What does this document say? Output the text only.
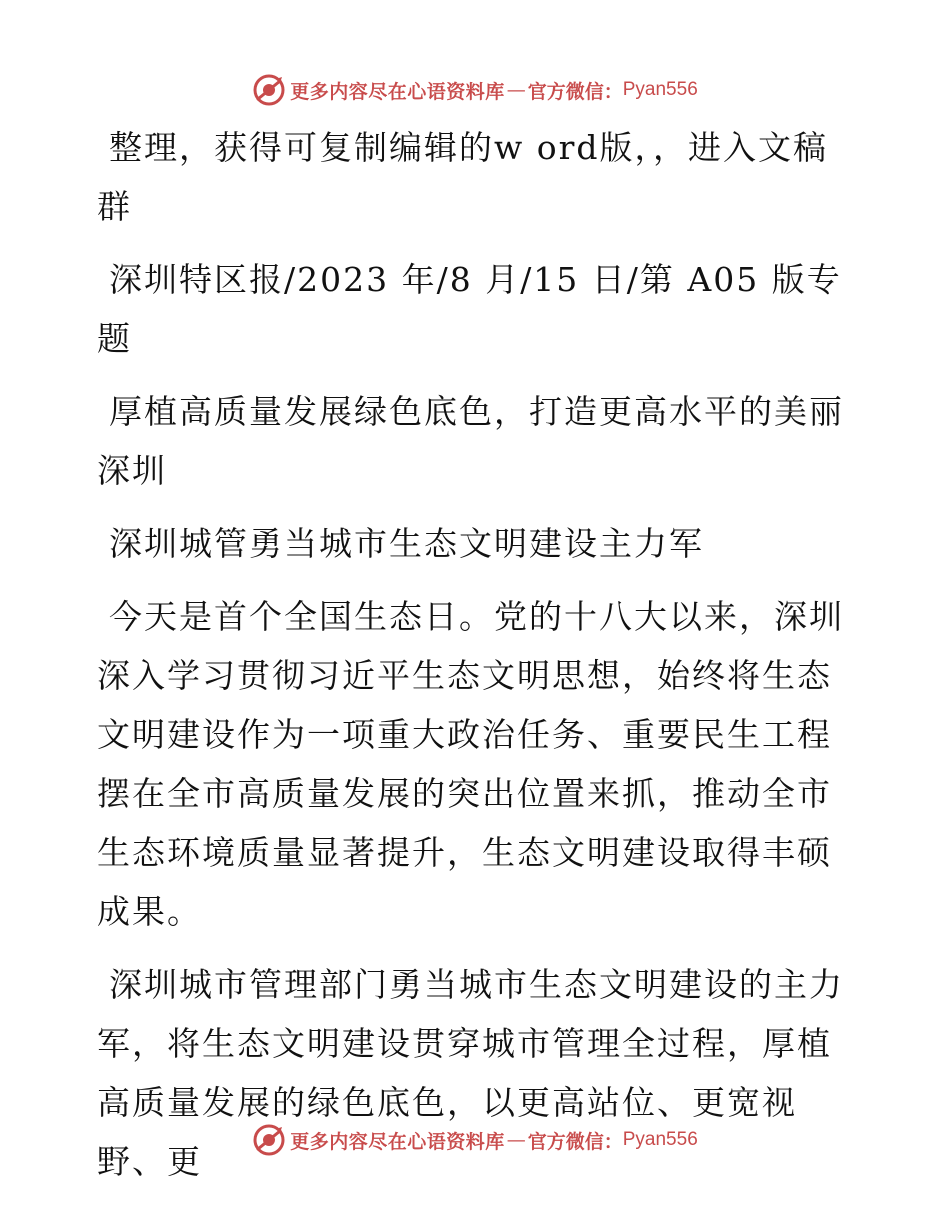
更多内容尽在心语资料库 — 官方微信： Pyan556

整理，获得可复制编辑的w ord版，，进入文稿群

深圳特区报/2023 年/8 月/15 日/第 A05 版专题

厚植高质量发展绿色底色，打造更高水平的美丽深圳

深圳城管勇当城市生态文明建设主力军

今天是首个全国生态日。党的十八大以来，深圳深入学习贯彻习近平生态文明思想，始终将生态文明建设作为一项重大政治任务、重要民生工程摆在全市高质量发展的突出位置来抓，推动全市生态环境质量显著提升，生态文明建设取得丰硕成果。

深圳城市管理部门勇当城市生态文明建设的主力军，将生态文明建设贯穿城市管理全过程，厚植高质量发展的绿色底色，以更高站位、更宽视野、更

更多内容尽在心语资料库 — 官方微信： Pyan556
